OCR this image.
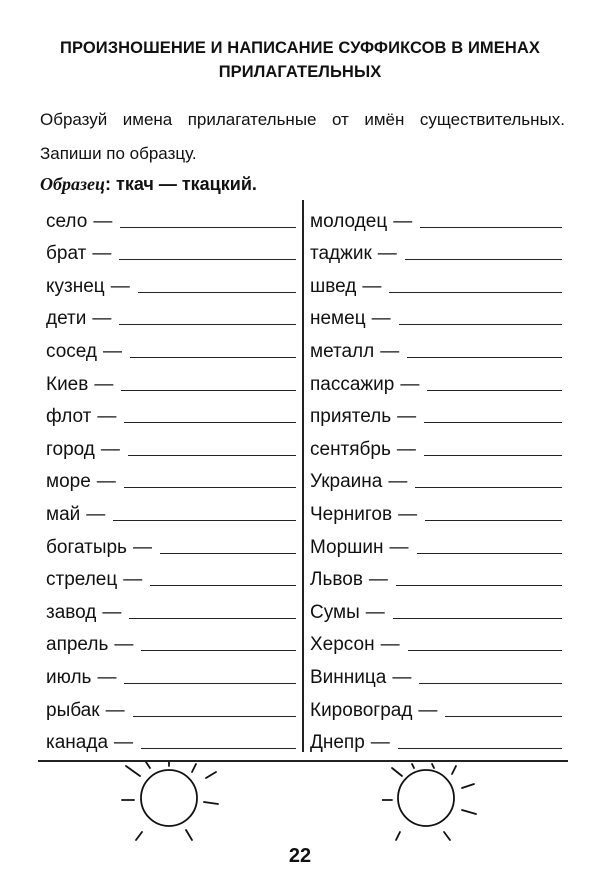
ПРОИЗНОШЕНИЕ И НАПИСАНИЕ СУФФИКСОВ В ИМЕНАХ ПРИЛАГАТЕЛЬНЫХ
Образуй имена прилагательные от имён существительных. Запиши по образцу.
Образец: ткач — ткацкий.
село —
брат —
кузнец —
дети —
сосед —
Киев —
флот —
город —
море —
май —
богатырь —
стрелец —
завод —
апрель —
июль —
рыбак —
канада —
молодец —
таджик —
швед —
немец —
металл —
пассажир —
приятель —
сентябрь —
Украина —
Чернигов —
Моршин —
Львов —
Сумы —
Херсон —
Винница —
Кировоград —
Днепр —
22
